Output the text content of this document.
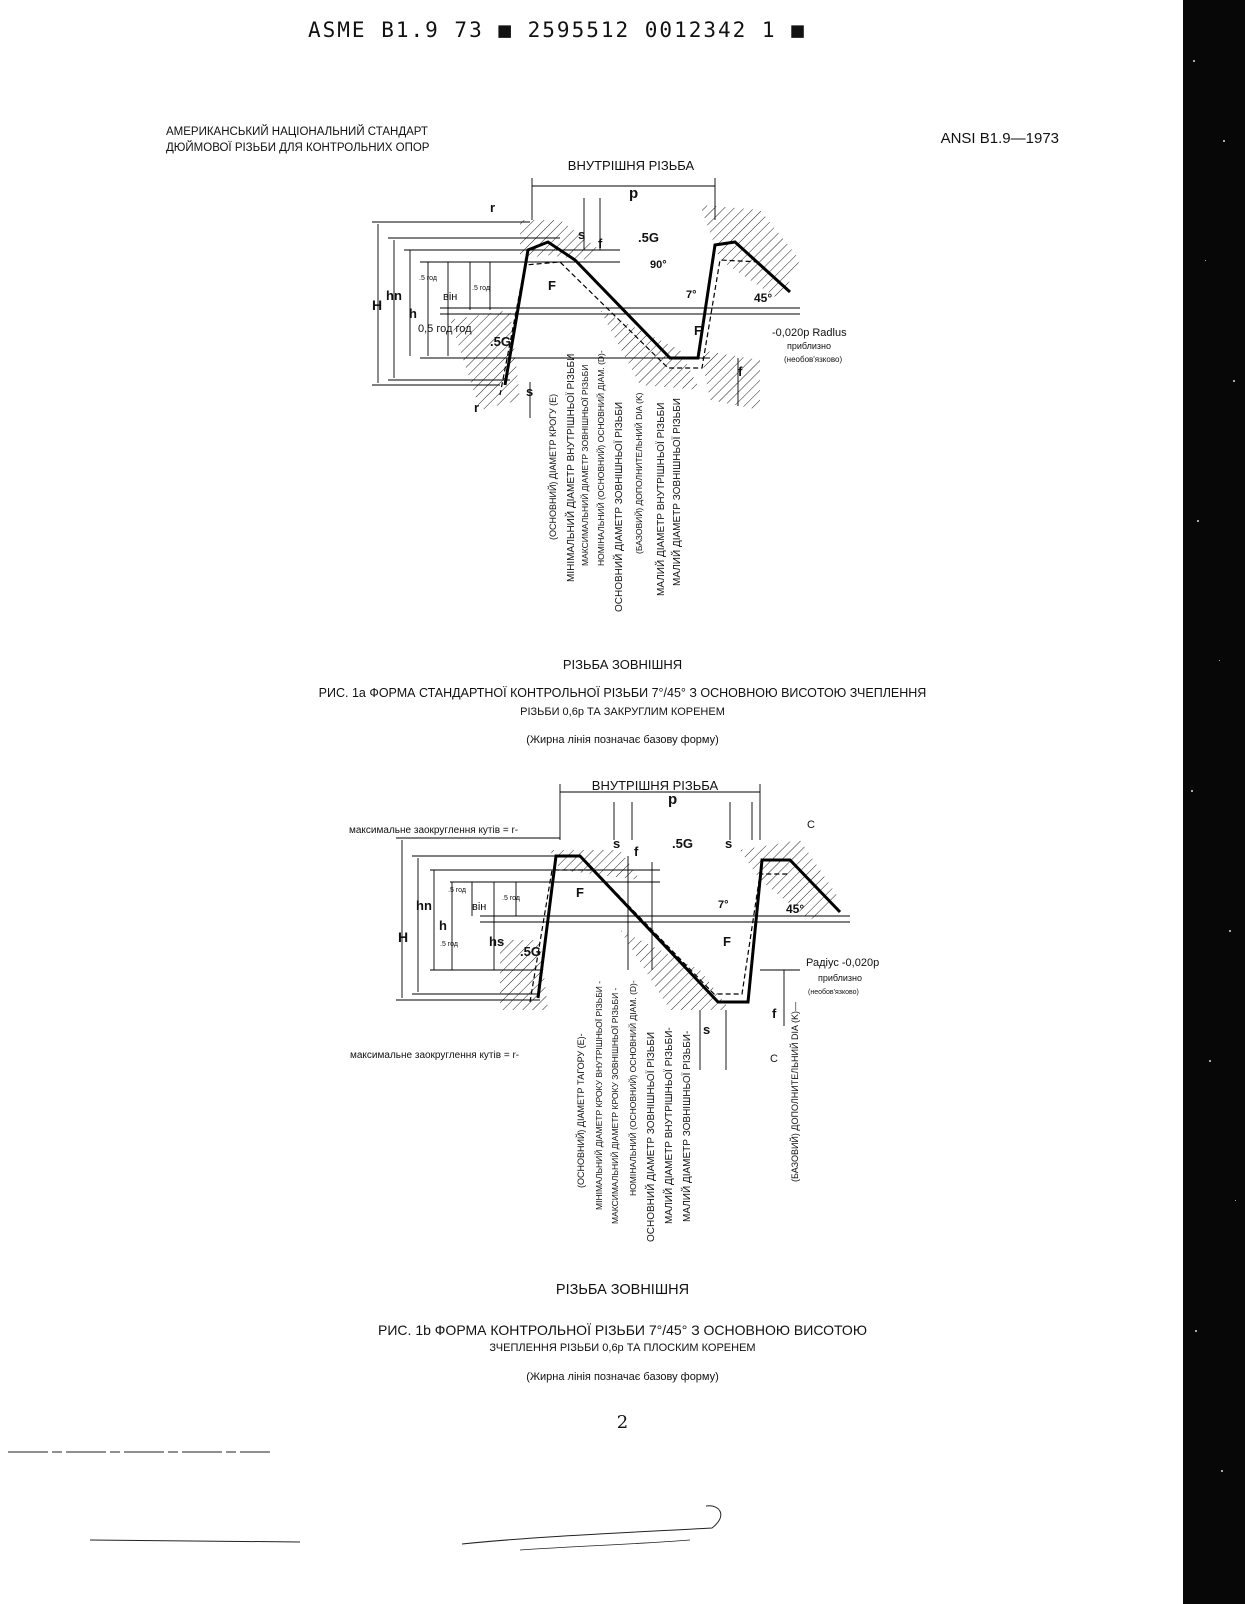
ASME B1.9 73 ■ 2595512 0012342 1 ■
АМЕРИКАНСЬКИЙ НАЦІОНАЛЬНИЙ СТАНДАРТ
ДЮЙМОВОЇ РІЗЬБИ ДЛЯ КОНТРОЛЬНИХ ОПОР
ANSI B1.9—1973
ВНУТРІШНЯ РІЗЬБА
p
s
f	.5G
90°
7°	45°
r
r
F
F
H
hn
h
він
.5 год
.5 год
0,5 год год
.5G
s
f
-0,020p Radlus
приблизно
(необов'язково)
(ОСНОВНИЙ) ДІАМЕТР КРОГУ (E) МІНІМАЛЬНИЙ ДІАМЕТР ВНУТРІШНЬОЇ РІЗЬБИ МАКСИМАЛЬНИЙ ДІАМЕТР ЗОВНІШНЬОЇ РІЗЬБИ НОМІНАЛЬНИЙ (ОСНОВНИЙ) ОСНОВНИЙ ДІАМ. (D)- ОСНОВНИЙ ДІАМЕТР ЗОВНІШНЬОЇ РІЗЬБИ (БАЗОВИЙ) ДОПОЛНИТЕЛЬНИЙ DIA (K) МАЛИЙ ДІАМЕТР ВНУТРІШНЬОЇ РІЗЬБИ МАЛИЙ ДІАМЕТР ЗОВНІШНЬОЇ РІЗЬБИ
РІЗЬБА ЗОВНІШНЯ
РИС. 1а ФОРМА СТАНДАРТНОЇ КОНТРОЛЬНОЇ РІЗЬБИ 7°/45° З ОСНОВНОЮ ВИСОТОЮ ЗЧЕПЛЕННЯ
РІЗЬБИ 0,6р ТА ЗАКРУГЛИМ КОРЕНЕМ
(Жирна лінія позначає базову форму)
ВНУТРІШНЯ РІЗЬБА
максимальне заокруглення кутів = r-
максимальне заокруглення кутів = r-
p
C
C
s	s
f
.5G
7°	45°
F
F
H
hn
h
hs
він
.5 год
.5 год
.5 год	.5G
s
f
Радіус -0,020р
приблизно
(необов'язково)
(ОСНОВНИЙ) ДІАМЕТР ТАГОРУ (E)- МІНІМАЛЬНИЙ ДІАМЕТР КРОКУ ВНУТРІШНЬОЇ РІЗЬБИ - МАКСИМАЛЬНИЙ ДІАМЕТР КРОКУ ЗОВНІШНЬОЇ РІЗЬБИ - НОМІНАЛЬНИЙ (ОСНОВНИЙ) ОСНОВНИЙ ДІАМ. (D)- ОСНОВНИЙ ДІАМЕТР ЗОВНІШНЬОЇ РІЗЬБИ МАЛИЙ ДІАМЕТР ВНУТРІШНЬОЇ РІЗЬБИ- МАЛИЙ ДІАМЕТР ЗОВНІШНЬОЇ РІЗЬБИ-	(БАЗОВИЙ) ДОПОЛНИТЕЛЬНИЙ DIA (K)—
РІЗЬБА ЗОВНІШНЯ
РИС. 1b ФОРМА КОНТРОЛЬНОЇ РІЗЬБИ 7°/45° З ОСНОВНОЮ ВИСОТОЮ
ЗЧЕПЛЕННЯ РІЗЬБИ 0,6р ТА ПЛОСКИМ КОРЕНЕМ
(Жирна лінія позначає базову форму)
2
